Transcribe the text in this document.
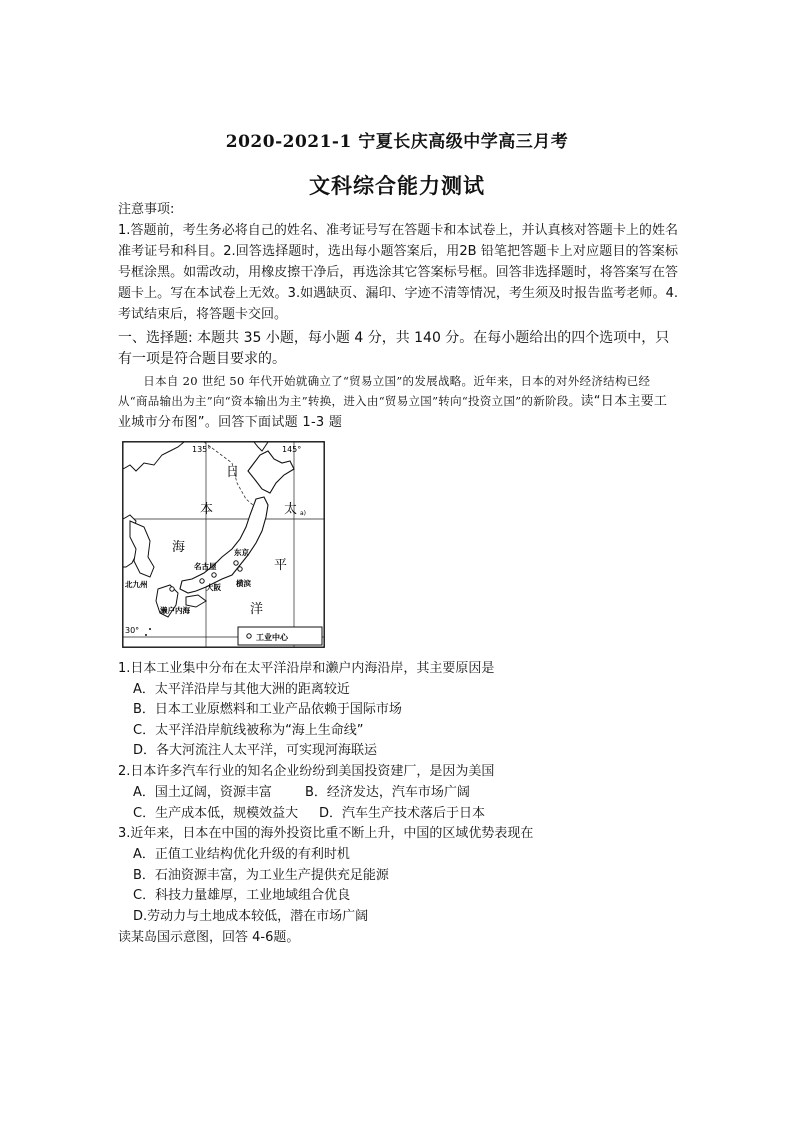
2020-2021-1 宁夏长庆高级中学高三月考
文科综合能力测试
注意事项:
1.答题前，考生务必将自己的姓名、准考证号写在答题卡和本试卷上，并认真核对答题卡上的姓名准考证号和科目。2.回答选择题时，选出每小题答案后，用2B 铅笔把答题卡上对应题目的答案标号框涂黑。如需改动，用橡皮擦干净后，再选涂其它答案标号框。回答非选择题时，将答案写在答题卡上。写在本试卷上无效。3.如遇缺页、漏印、字迹不清等情况，考生须及时报告监考老师。4.考试结束后，将答题卡交回。
一、选择题: 本题共 35 小题，每小题 4 分，共 140 分。在每小题给出的四个选项中，只有一项是符合题目要求的。
日本自 20 世纪 50 年代开始就确立了“贸易立国”的发展战略。近年来，日本的对外经济结构已经从“商品输出为主”向“资本输出为主”转换，进入由“贸易立国”转向“投资立国”的新阶段。读“日本主要工业城市分布图”。回答下面试题 1-3 题
135°	145°
30°
日
本
海
太 a)
平
洋
东京
名古屋
横滨
大阪
北九州
濑户内海
工业中心
1.日本工业集中分布在太平洋沿岸和濑户内海沿岸，其主要原因是
A．太平洋沿岸与其他大洲的距离较近
B．日本工业原燃料和工业产品依赖于国际市场
C．太平洋沿岸航线被称为“海上生命线”
D．各大河流注人太平洋，可实现河海联运
2.日本许多汽车行业的知名企业纷纷到美国投资建厂，是因为美国
A．国土辽阔，资源丰富	B．经济发达，汽车市场广阔
C．生产成本低，规模效益大 D．汽车生产技术落后于日本
3.近年来，日本在中国的海外投资比重不断上升，中国的区域优势表现在
A．正值工业结构优化升级的有利时机
B．石油资源丰富，为工业生产提供充足能源
C．科技力量雄厚，工业地域组合优良
D.劳动力与土地成本较低，潜在市场广阔
读某岛国示意图，回答 4-6题。
